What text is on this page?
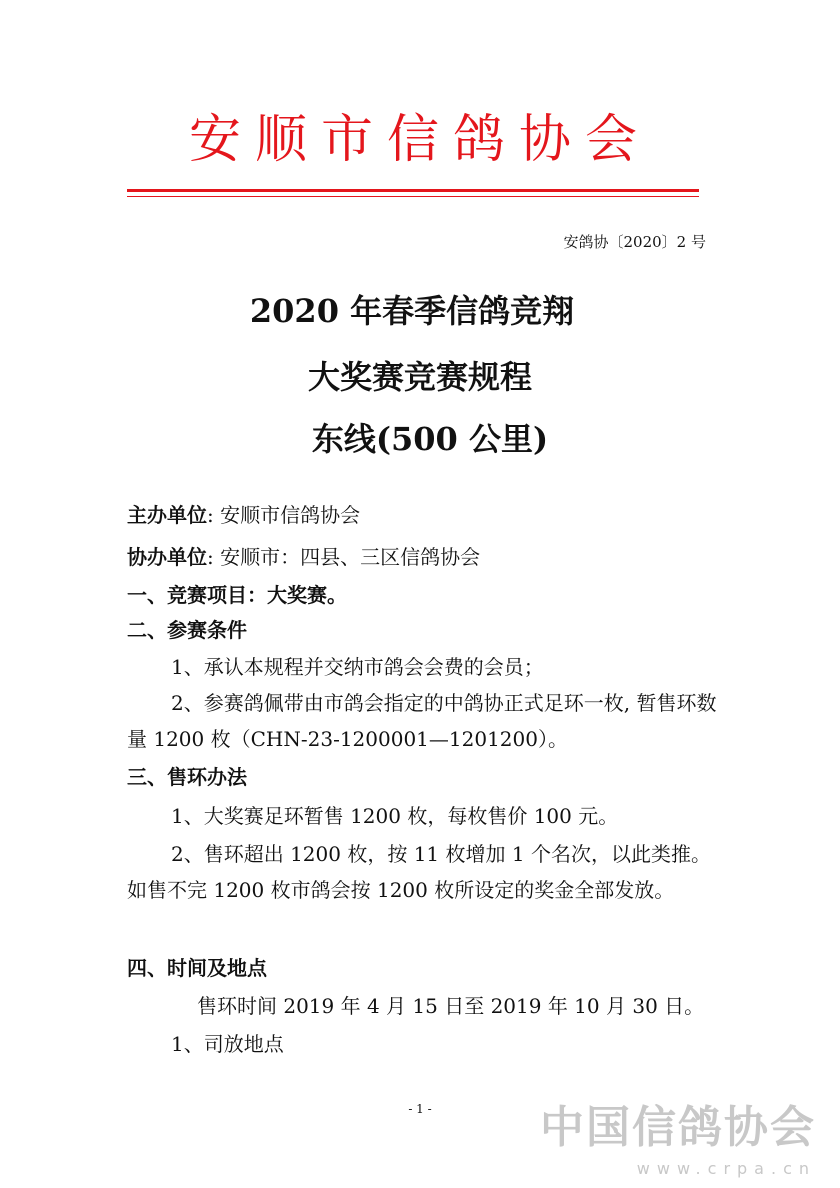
安顺市信鸽协会
安鸽协〔2020〕2 号
2020 年春季信鸽竞翔
大奖赛竞赛规程
东线(500 公里)
主办单位: 安顺市信鸽协会
协办单位: 安顺市：四县、三区信鸽协会
一、竞赛项目：大奖赛。
二、参赛条件
1、承认本规程并交纳市鸽会会费的会员；
2、参赛鸽佩带由市鸽会指定的中鸽协正式足环一枚, 暂售环数量 1200 枚（CHN-23-1200001—1201200）。
三、售环办法
1、大奖赛足环暂售 1200 枚，每枚售价 100 元。
2、售环超出 1200 枚，按 11 枚增加 1 个名次，以此类推。如售不完 1200 枚市鸽会按 1200 枚所设定的奖金全部发放。
四、时间及地点
售环时间 2019 年 4 月 15 日至 2019 年 10 月 30 日。
1、司放地点
- 1 -	中国信鸽协会
www.crpa.cn
